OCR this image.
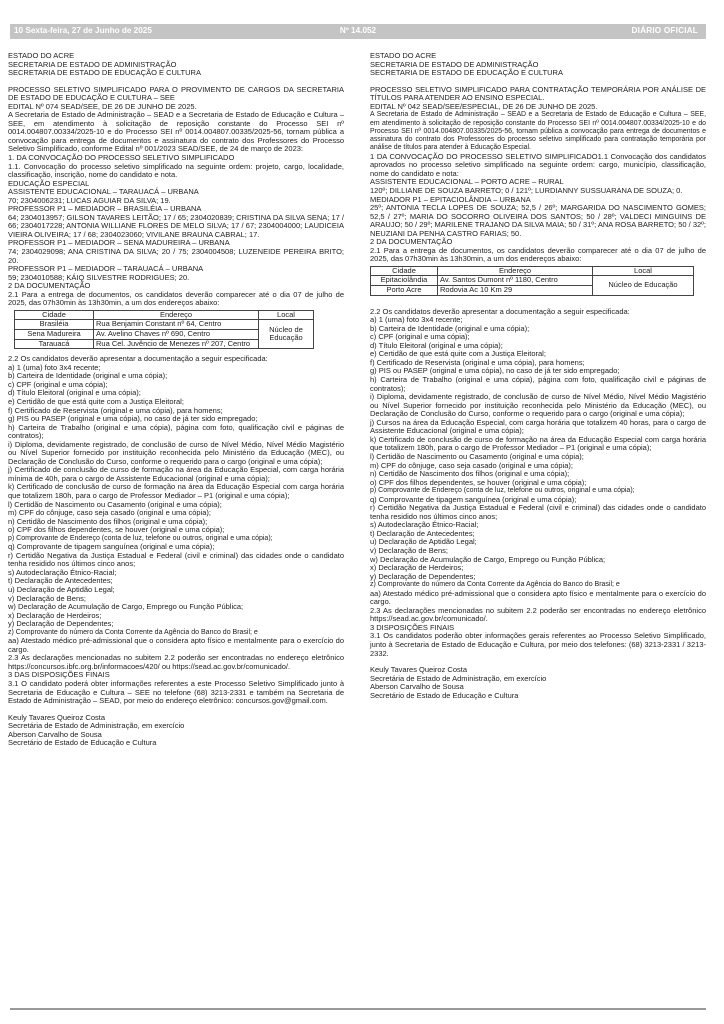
10 Sexta-feira, 27 de Junho de 2025	Nº 14.052	DIÁRIO OFICIAL

ESTADO DO ACRE

SECRETARIA DE ESTADO DE ADMINISTRAÇÃO

SECRETARIA DE ESTADO DE EDUCAÇÃO E CULTURA

PROCESSO SELETIVO SIMPLIFICADO PARA O PROVIMENTO DE CARGOS DA SECRETARIA DE ESTADO DE EDUCAÇÃO E CULTURA – SEE

EDITAL Nº 074 SEAD/SEE, DE 26 DE JUNHO DE 2025.

A Secretaria de Estado de Administração – SEAD e a Secretaria de Estado de Educação e Cultura – SEE, em atendimento à solicitação de reposição constante do Processo SEI nº 0014.004807.00334/2025-10 e do Processo SEI nº 0014.004807.00335/2025-56, tornam pública a convocação para entrega de documentos e assinatura do contrato dos Professores do Processo Seletivo Simplificado, conforme Edital nº 001/2023 SEAD/SEE, de 24 de março de 2023:

1. DA CONVOCAÇÃO DO PROCESSO SELETIVO SIMPLIFICADO

1.1. Convocação do processo seletivo simplificado na seguinte ordem: projeto, cargo, localidade, classificação, inscrição, nome do candidato e nota.

EDUCAÇÃO ESPECIAL

ASSISTENTE EDUCACIONAL – TARAUACÁ – URBANA

70; 2304006231; LUCAS AGUIAR DA SILVA; 19.

PROFESSOR P1 – MEDIADOR – BRASILÉIA – URBANA

64; 2304013957; GILSON TAVARES LEITÃO; 17 / 65; 2304020839; CRISTINA DA SILVA SENA; 17 / 66; 2304017228; ANTONIA WILLIANE FLORES DE MELO SILVA; 17 / 67; 2304004000; LAUDICEIA VIEIRA OLIVEIRA; 17 / 68; 2304023060; VIVILANE BRAUNA CABRAL; 17.

PROFESSOR P1 – MEDIADOR – SENA MADUREIRA – URBANA

74; 2304029098; ANA CRISTINA DA SILVA; 20 / 75; 2304004508; LUZENEIDE PEREIRA BRITO; 20.

PROFESSOR P1 – MEDIADOR – TARAUACÁ – URBANA

59; 2304010588; KÁIQ SILVESTRE RODRIGUES; 20.

2 DA DOCUMENTAÇÃO

2.1 Para a entrega de documentos, os candidatos deverão comparecer até o dia 07 de julho de 2025, das 07h30min às 13h30min, a um dos endereços abaixo:

Cidade	Endereço	Local
Brasiléia	Rua Benjamin Constant nº 64, Centro	Núcleo de Educação
Sena Madureira	Av. Avelino Chaves nº 690, Centro	
Tarauacá	Rua Cel. Juvêncio de Menezes nº 207, Centro	

2.2 Os candidatos deverão apresentar a documentação a seguir especificada:

a) 1 (uma) foto 3x4 recente;

b) Carteira de Identidade (original e uma cópia);

c) CPF (original e uma cópia);

d) Título Eleitoral (original e uma cópia);

e) Certidão de que está quite com a Justiça Eleitoral;

f) Certificado de Reservista (original e uma cópia), para homens;

g) PIS ou PASEP (original e uma cópia), no caso de já ter sido empregado;

h) Carteira de Trabalho (original e uma cópia), página com foto, qualificação civil e páginas de contratos);

i) Diploma, devidamente registrado, de conclusão de curso de Nível Médio, Nível Médio Magistério ou Nível Superior fornecido por instituição reconhecida pelo Ministério da Educação (MEC), ou Declaração de Conclusão do Curso, conforme o requerido para o cargo (original e uma cópia);

j) Certificado de conclusão de curso de formação na área da Educação Especial, com carga horária mínima de 40h, para o cargo de Assistente Educacional (original e uma cópia);

k) Certificado de conclusão de curso de formação na área da Educação Especial com carga horária que totalizem 180h, para o cargo de Professor Mediador – P1 (original e uma cópia);

l) Certidão de Nascimento ou Casamento (original e uma cópia);

m) CPF do cônjuge, caso seja casado (original e uma cópia);

n) Certidão de Nascimento dos filhos (original e uma cópia);

o) CPF dos filhos dependentes, se houver (original e uma cópia);

p) Comprovante de Endereço (conta de luz, telefone ou outros, original e uma cópia);

q) Comprovante de tipagem sanguínea (original e uma cópia);

r) Certidão Negativa da Justiça Estadual e Federal (civil e criminal) das cidades onde o candidato tenha residido nos últimos cinco anos;

s) Autodeclaração Étnico-Racial;

t) Declaração de Antecedentes;

u) Declaração de Aptidão Legal;

v) Declaração de Bens;

w) Declaração de Acumulação de Cargo, Emprego ou Função Pública;

x) Declaração de Herdeiros;

y) Declaração de Dependentes;

z) Comprovante do número da Conta Corrente da Agência do Banco do Brasil; e

aa) Atestado médico pré-admissional que o considera apto físico e mentalmente para o exercício do cargo.

2.3 As declarações mencionadas no subitem 2.2 poderão ser encontradas no endereço eletrônico https://concursos.ibfc.org.br/informacoes/420/ ou https://sead.ac.gov.br/comunicado/.

3 DAS DISPOSIÇÕES FINAIS

3.1 O candidato poderá obter informações referentes a este Processo Seletivo Simplificado junto à Secretaria de Educação e Cultura – SEE no telefone (68) 3213-2331 e também na Secretaria de Estado de Administração – SEAD, por meio do endereço eletrônico: concursos.gov@gmail.com.

Keuly Tavares Queiroz Costa

Secretária de Estado de Administração, em exercício

Aberson Carvalho de Sousa

Secretário de Estado de Educação e Cultura

ESTADO DO ACRE

SECRETARIA DE ESTADO DE ADMINISTRAÇÃO

SECRETARIA DE ESTADO DE EDUCAÇÃO E CULTURA

PROCESSO SELETIVO SIMPLIFICADO PARA CONTRATAÇÃO TEMPORÁRIA POR ANÁLISE DE TÍTULOS PARA ATENDER AO ENSINO ESPECIAL.

EDITAL Nº 042 SEAD/SEE/ESPECIAL, DE 26 DE JUNHO DE 2025.

A Secretaria de Estado de Administração – SEAD e a Secretaria de Estado de Educação e Cultura – SEE, em atendimento à solicitação de reposição constante do Processo SEI nº 0014.004807.00334/2025-10 e do Processo SEI nº 0014.004807.00335/2025-56, tornam pública a convocação para entrega de documentos e assinatura do contrato dos Professores do processo seletivo simplificado para contratação temporária por análise de títulos para atender à Educação Especial.

1 DA CONVOCAÇÃO DO PROCESSO SELETIVO SIMPLIFICADO1.1 Convocação dos candidatos aprovados no processo seletivo simplificado na seguinte ordem: cargo, município, classificação, nome do candidato e nota:

ASSISTENTE EDUCACIONAL – PORTO ACRE – RURAL

120º; DILLIANE DE SOUZA BARRETO; 0 / 121º; LURDIANNY SUSSUARANA DE SOUZA; 0.

MEDIADOR P1 – EPITACIOLÂNDIA – URBANA

25º; ANTONIA TECLA LOPES DE SOUZA; 52,5 / 26º; MARGARIDA DO NASCIMENTO GOMES; 52,5 / 27º; MARIA DO SOCORRO OLIVEIRA DOS SANTOS; 50 / 28º; VALDECI MINGUINS DE ARAUJO; 50 / 29º; MARILENE TRAJANO DA SILVA MAIA; 50 / 31º; ANA ROSA BARRETO; 50 / 32º; NEUZIANI DA PENHA CASTRO FARIAS; 50.

2 DA DOCUMENTAÇÃO

2.1 Para a entrega de documentos, os candidatos deverão comparecer até o dia 07 de julho de 2025, das 07h30min às 13h30min, a um dos endereços abaixo:

Cidade	Endereço	Local
Epitaciolândia	Av. Santos Dumont nº 1180, Centro	Núcleo de Educação
Porto Acre	Rodovia Ac 10 Km 29	

2.2 Os candidatos deverão apresentar a documentação a seguir especificada:

a) 1 (uma) foto 3x4 recente;

b) Carteira de Identidade (original e uma cópia);

c) CPF (original e uma cópia);

d) Título Eleitoral (original e uma cópia);

e) Certidão de que está quite com a Justiça Eleitoral;

f) Certificado de Reservista (original e uma cópia), para homens;

g) PIS ou PASEP (original e uma cópia), no caso de já ter sido empregado;

h) Carteira de Trabalho (original e uma cópia), página com foto, qualificação civil e páginas de contratos);

i) Diploma, devidamente registrado, de conclusão de curso de Nível Médio, Nível Médio Magistério ou Nível Superior fornecido por instituição reconhecida pelo Ministério da Educação (MEC), ou Declaração de Conclusão do Curso, conforme o requerido para o cargo (original e uma cópia);

j) Cursos na área da Educação Especial, com carga horária que totalizem 40 horas, para o cargo de Assistente Educacional (original e uma cópia);

k) Certificado de conclusão de curso de formação na área da Educação Especial com carga horária que totalizem 180h, para o cargo de Professor Mediador – P1 (original e uma cópia);

l) Certidão de Nascimento ou Casamento (original e uma cópia);

m) CPF do cônjuge, caso seja casado (original e uma cópia);

n) Certidão de Nascimento dos filhos (original e uma cópia);

o) CPF dos filhos dependentes, se houver (original e uma cópia);

p) Comprovante de Endereço (conta de luz, telefone ou outros, original e uma cópia);

q) Comprovante de tipagem sanguínea (original e uma cópia);

r) Certidão Negativa da Justiça Estadual e Federal (civil e criminal) das cidades onde o candidato tenha residido nos últimos cinco anos;

s) Autodeclaração Étnico-Racial;

t) Declaração de Antecedentes;

u) Declaração de Aptidão Legal;

v) Declaração de Bens;

w) Declaração de Acumulação de Cargo, Emprego ou Função Pública;

x) Declaração de Herdeiros;

y) Declaração de Dependentes;

z) Comprovante do número da Conta Corrente da Agência do Banco do Brasil; e

aa) Atestado médico pré-admissional que o considera apto físico e mentalmente para o exercício do cargo.

2.3 As declarações mencionadas no subitem 2.2 poderão ser encontradas no endereço eletrônico https://sead.ac.gov.br/comunicado/.

3 DISPOSIÇÕES FINAIS

3.1 Os candidatos poderão obter informações gerais referentes ao Processo Seletivo Simplificado, junto à Secretaria de Estado de Educação e Cultura, por meio dos telefones: (68) 3213-2331 / 3213-2332.

Keuly Tavares Queiroz Costa

Secretária de Estado de Administração, em exercício

Aberson Carvalho de Sousa

Secretário de Estado de Educação e Cultura
